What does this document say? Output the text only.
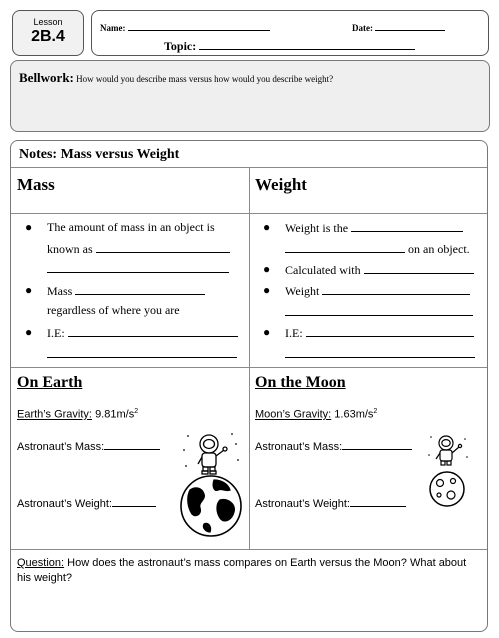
Lesson
2B.4	Name:	Date:
Topic:
Bellwork: How would you describe mass versus how would you describe weight?
Notes: Mass versus Weight
Mass
● The amount of mass in an object is
known as
● Mass
regardless of where you are
● I.E:
Weight
● Weight is the
on an object.
● Calculated with
● Weight
● I.E:
On Earth
Earth’s Gravity: $9.81m/s^2$
Astronaut’s Mass:
Astronaut’s Weight:
On the Moon
Moon’s Gravity: $1.63m/s^2$
Astronaut’s Mass:
Astronaut’s Weight:
Question: How does the astronaut’s mass compares on Earth versus the Moon? What about his weight?
